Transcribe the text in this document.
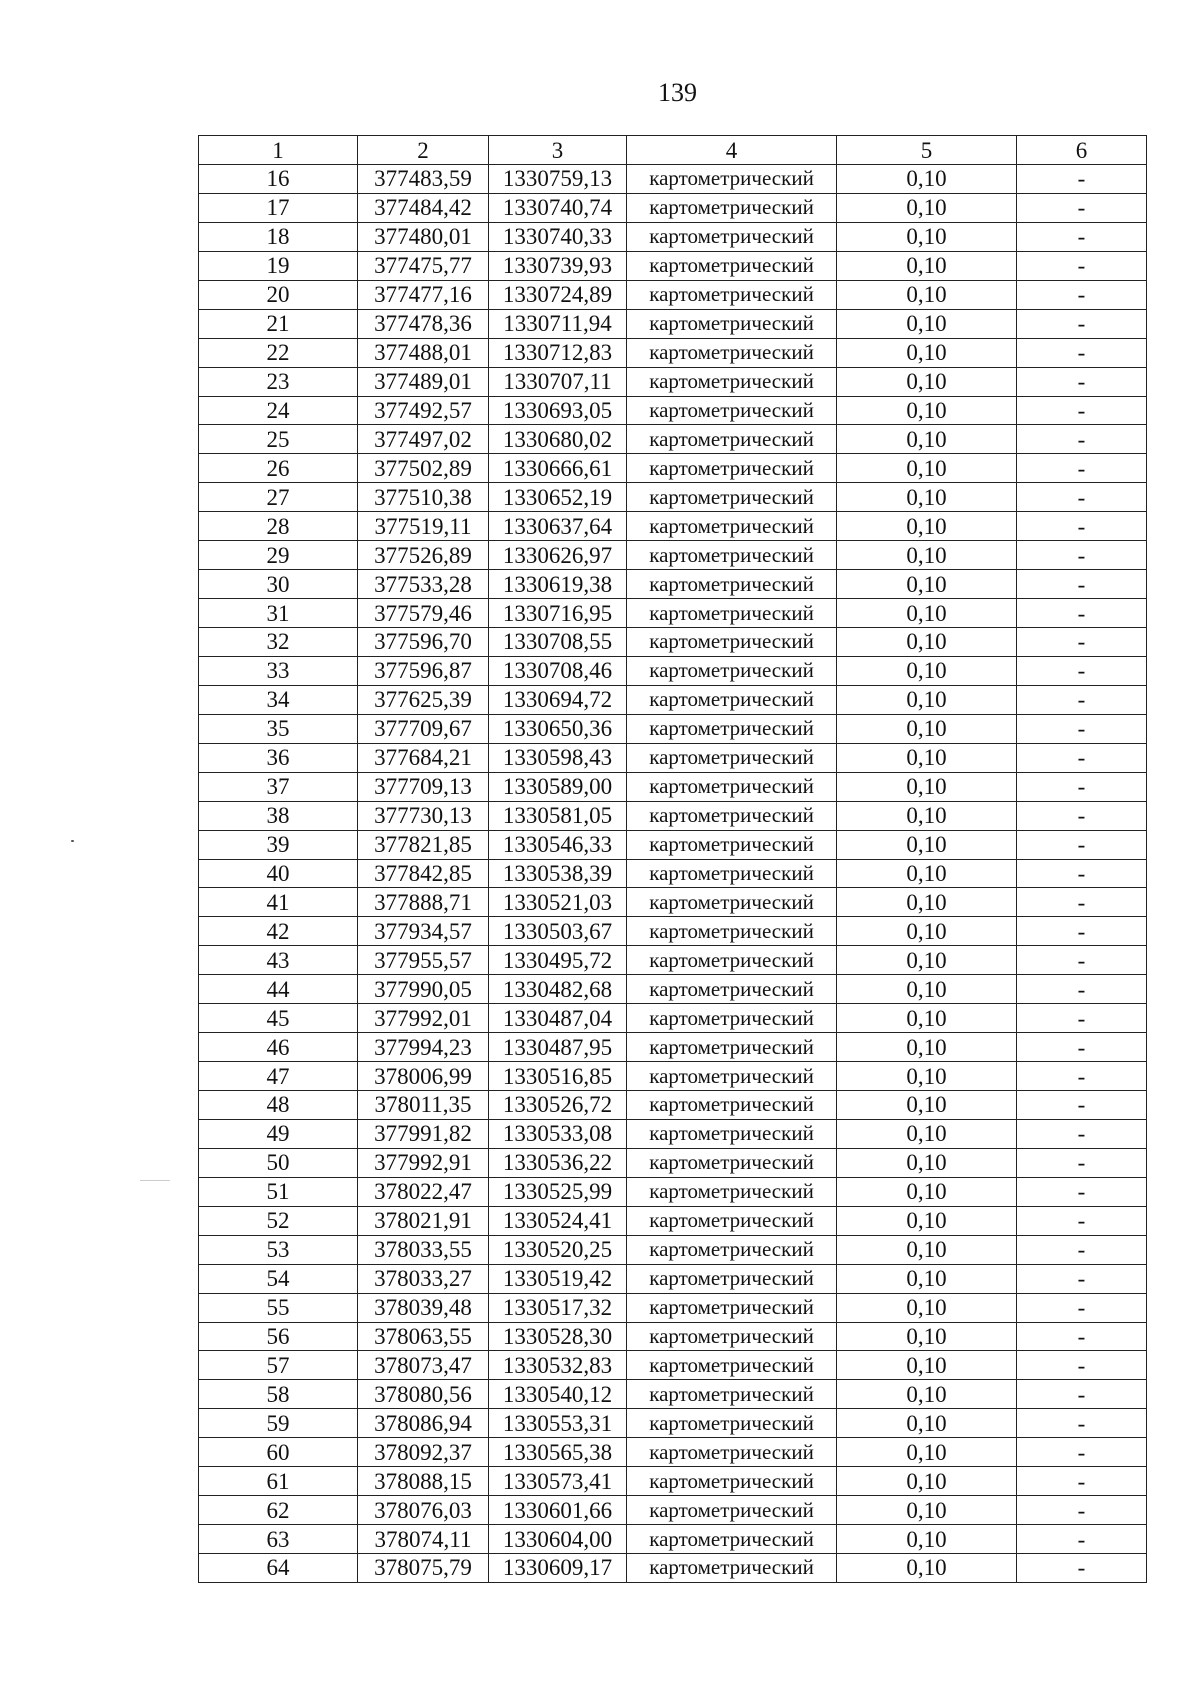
139
1	2	3	4	5	6
16	377483,59	1330759,13	картометрический	0,10	-
17	377484,42	1330740,74	картометрический	0,10	-
18	377480,01	1330740,33	картометрический	0,10	-
19	377475,77	1330739,93	картометрический	0,10	-
20	377477,16	1330724,89	картометрический	0,10	-
21	377478,36	1330711,94	картометрический	0,10	-
22	377488,01	1330712,83	картометрический	0,10	-
23	377489,01	1330707,11	картометрический	0,10	-
24	377492,57	1330693,05	картометрический	0,10	-
25	377497,02	1330680,02	картометрический	0,10	-
26	377502,89	1330666,61	картометрический	0,10	-
27	377510,38	1330652,19	картометрический	0,10	-
28	377519,11	1330637,64	картометрический	0,10	-
29	377526,89	1330626,97	картометрический	0,10	-
30	377533,28	1330619,38	картометрический	0,10	-
31	377579,46	1330716,95	картометрический	0,10	-
32	377596,70	1330708,55	картометрический	0,10	-
33	377596,87	1330708,46	картометрический	0,10	-
34	377625,39	1330694,72	картометрический	0,10	-
35	377709,67	1330650,36	картометрический	0,10	-
36	377684,21	1330598,43	картометрический	0,10	-
37	377709,13	1330589,00	картометрический	0,10	-
38	377730,13	1330581,05	картометрический	0,10	-
39	377821,85	1330546,33	картометрический	0,10	-
40	377842,85	1330538,39	картометрический	0,10	-
41	377888,71	1330521,03	картометрический	0,10	-
42	377934,57	1330503,67	картометрический	0,10	-
43	377955,57	1330495,72	картометрический	0,10	-
44	377990,05	1330482,68	картометрический	0,10	-
45	377992,01	1330487,04	картометрический	0,10	-
46	377994,23	1330487,95	картометрический	0,10	-
47	378006,99	1330516,85	картометрический	0,10	-
48	378011,35	1330526,72	картометрический	0,10	-
49	377991,82	1330533,08	картометрический	0,10	-
50	377992,91	1330536,22	картометрический	0,10	-
51	378022,47	1330525,99	картометрический	0,10	-
52	378021,91	1330524,41	картометрический	0,10	-
53	378033,55	1330520,25	картометрический	0,10	-
54	378033,27	1330519,42	картометрический	0,10	-
55	378039,48	1330517,32	картометрический	0,10	-
56	378063,55	1330528,30	картометрический	0,10	-
57	378073,47	1330532,83	картометрический	0,10	-
58	378080,56	1330540,12	картометрический	0,10	-
59	378086,94	1330553,31	картометрический	0,10	-
60	378092,37	1330565,38	картометрический	0,10	-
61	378088,15	1330573,41	картометрический	0,10	-
62	378076,03	1330601,66	картометрический	0,10	-
63	378074,11	1330604,00	картометрический	0,10	-
64	378075,79	1330609,17	картометрический	0,10	-
